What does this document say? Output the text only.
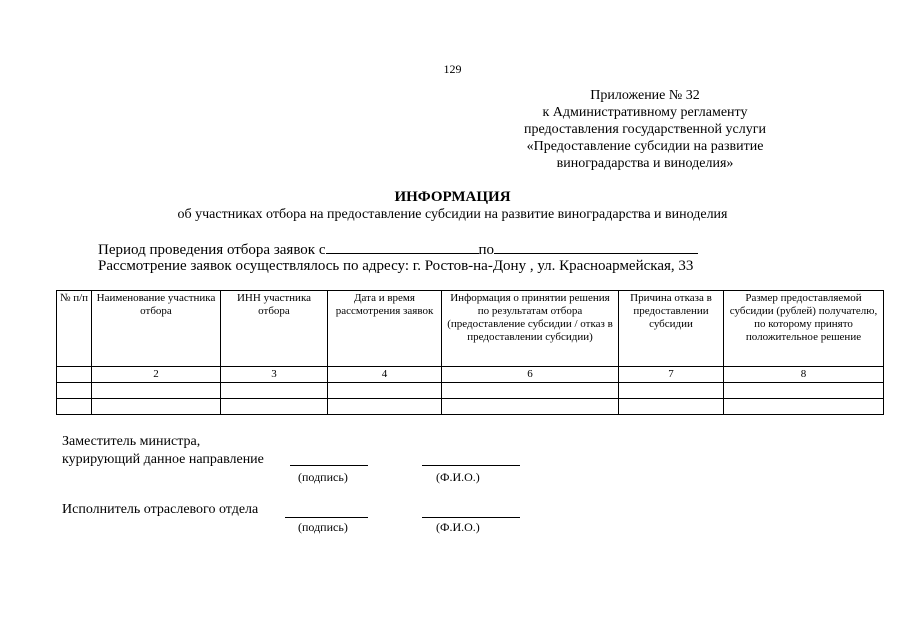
129
Приложение № 32
к Административному регламенту
предоставления государственной услуги
«Предоставление субсидии на развитие
виноградарства и виноделия»
ИНФОРМАЦИЯ
об участниках отбора на предоставление субсидии на развитие виноградарства и виноделия
Период проведения отбора заявок с	по
Рассмотрение заявок осуществлялось по адресу: г. Ростов-на-Дону , ул. Красноармейская, 33
№ п/п	Наименование участника отбора	ИНН участника отбора	Дата и время рассмотрения заявок	Информация о принятии решения по результатам отбора (предоставление субсидии / отказ в предоставлении субсидии)	Причина отказа в предоставлении субсидии	Размер предоставляемой субсидии (рублей) получателю, по которому принято положительное решение
	2	3	4	6	7	8

Заместитель министра,
курирующий данное направление
(подпись)	(Ф.И.О.)
Исполнитель отраслевого отдела
(подпись)	(Ф.И.О.)
